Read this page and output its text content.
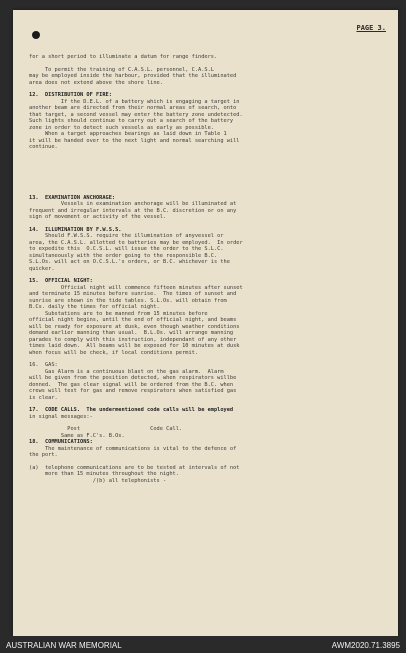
PAGE 3.
for a short period to illuminate a datum for range finders.
To permit the training of C.A.S.L. personnel, C.A.S.L
may be employed inside the harbour, provided that the illuminated
area does not extend above the shore line.
12.  DISTRIBUTION OF FIRE:
If the D.E.L. of a battery which is engaging a target in
another beam are directed from their normal areas of search, onto
that target, a second vessel may enter the battery zone undetected.
Such lights should continue to carry out a search of the battery
zone in order to detect such vessels as early as possible.
When a target approaches bearings as laid down in Table 1
it will be handed over to the next light and normal searching will
continue.
13.  EXAMINATION ANCHORAGE:
Vessels in examination anchorage will be illuminated at
frequent and irregular intervals at the B.C. discretion or on any
sign of movement or activity of the vessel.
14.  ILLUMINATION BY F.W.S.S.
Should F.W.S.S. require the illumination of anyvessel or
area, the C.A.S.L. allotted to batteries may be employed.  In order
to expedite this  O.C.S.L. will issue the order to the S.L.C.
simultaneously with the order going to the responsible B.C.
S.L.Os. will act on O.C.S.L.'s orders, or B.C. whichever is the
quicker.
15.  OFFICIAL NIGHT:
Official night will commence fifteen minutes after sunset
and terminate 15 minutes before sunrise.  The times of sunset and
sunrise are shown in the tide tables. S.L.Os. will obtain from
B.Cs. daily the times for official night.
Substations are to be manned from 15 minutes before
official night begins, until the end of official night, and beams
will be ready for exposure at dusk, even though weather conditions
demand earlier manning than usual.  B.L.Os. will arrange manning
parades to comply with this instruction, independant of any other
times laid down.  All beams will be exposed for 10 minutes at dusk
when focus will be check, if local conditions permit.
16.  GAS:
Gas Alarm is a continuous blast on the gas alarm.  Alarm
will be given from the position detected, when respirators willbe
donned.  The gas clear signal will be ordered from the B.C. when
crews will test for gas and remove respirators when satisfied gas
is clear.
17.  CODE CALLS.  The undermentioned code calls will be employed
in signal messages:-
Post                      Code Call.
Same as F.C's. B.Os.
18.  COMMUNICATIONS:
The maintenance of communications is vital to the defence of
the port.
(a)  telephone communications are to be tested at intervals of not
more than 15 minutes throughout the night.
/(b) all telephonists -
AUSTRALIAN WAR MEMORIAL	AWM2020.71.3895
